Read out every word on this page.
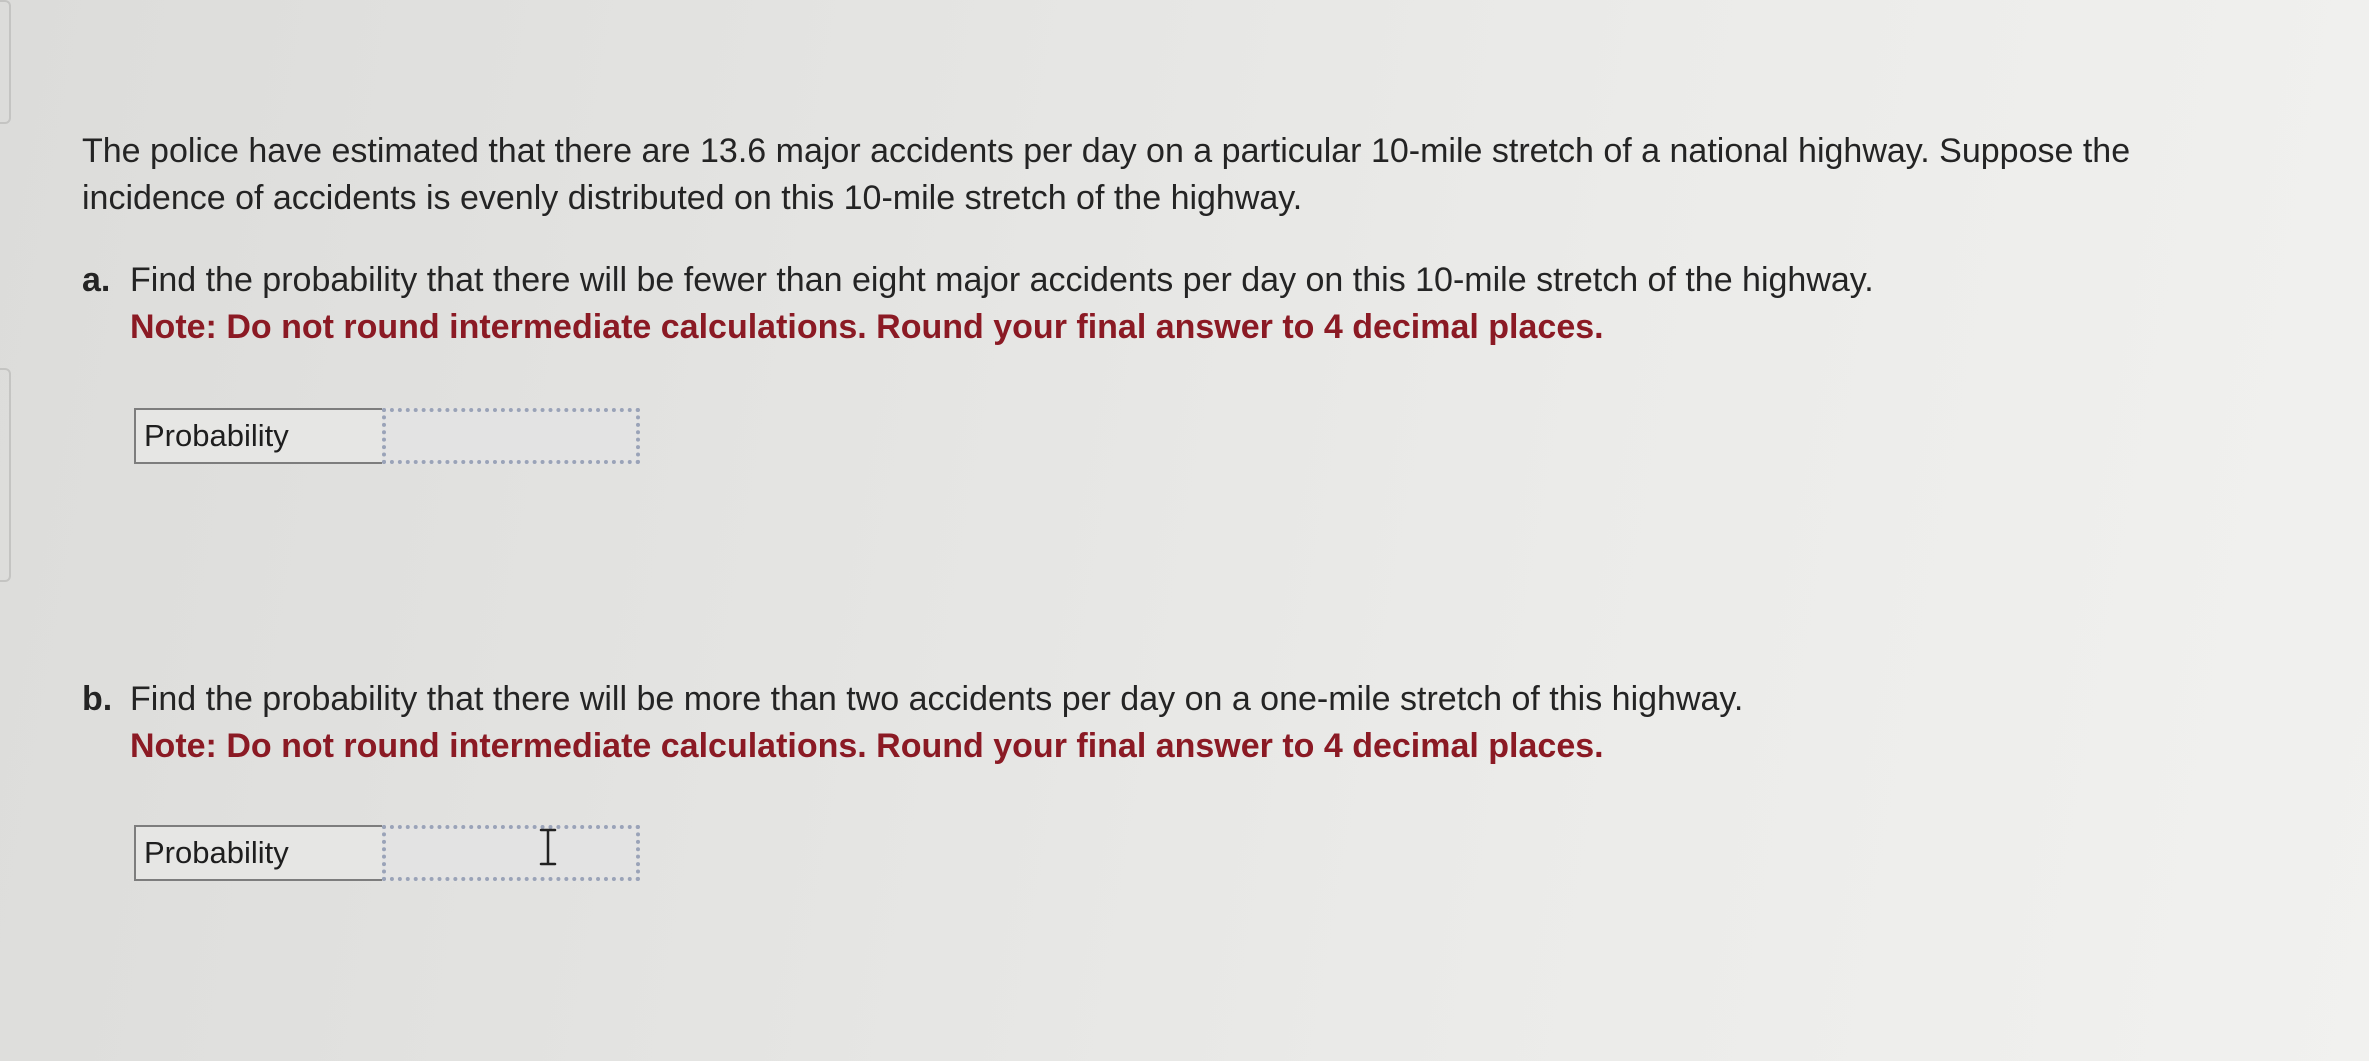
The police have estimated that there are 13.6 major accidents per day on a particular 10-mile stretch of a national highway. Suppose the incidence of accidents is evenly distributed on this 10-mile stretch of the highway.

a. Find the probability that there will be fewer than eight major accidents per day on this 10-mile stretch of the highway.
Note: Do not round intermediate calculations. Round your final answer to 4 decimal places.
Probability
b. Find the probability that there will be more than two accidents per day on a one-mile stretch of this highway.
Note: Do not round intermediate calculations. Round your final answer to 4 decimal places.
Probability
